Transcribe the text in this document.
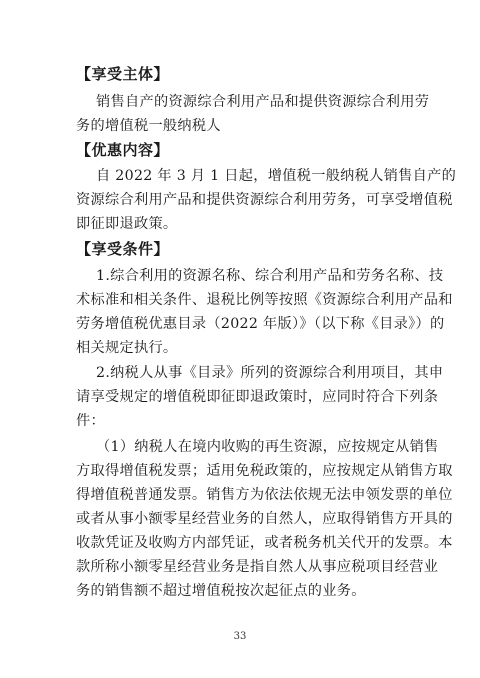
【享受主体】
销售自产的资源综合利用产品和提供资源综合利用劳
务的增值税一般纳税人
【优惠内容】
自 2022 年 3 月 1 日起，增值税一般纳税人销售自产的
资源综合利用产品和提供资源综合利用劳务，可享受增值税
即征即退政策。
【享受条件】
1.综合利用的资源名称、综合利用产品和劳务名称、技
术标准和相关条件、退税比例等按照《资源综合利用产品和
劳务增值税优惠目录（2022 年版）》（以下称《目录》）的
相关规定执行。
2.纳税人从事《目录》所列的资源综合利用项目，其申
请享受规定的增值税即征即退政策时，应同时符合下列条
件：
（1）纳税人在境内收购的再生资源，应按规定从销售
方取得增值税发票；适用免税政策的，应按规定从销售方取
得增值税普通发票。销售方为依法依规无法申领发票的单位
或者从事小额零星经营业务的自然人，应取得销售方开具的
收款凭证及收购方内部凭证，或者税务机关代开的发票。本
款所称小额零星经营业务是指自然人从事应税项目经营业
务的销售额不超过增值税按次起征点的业务。
33
